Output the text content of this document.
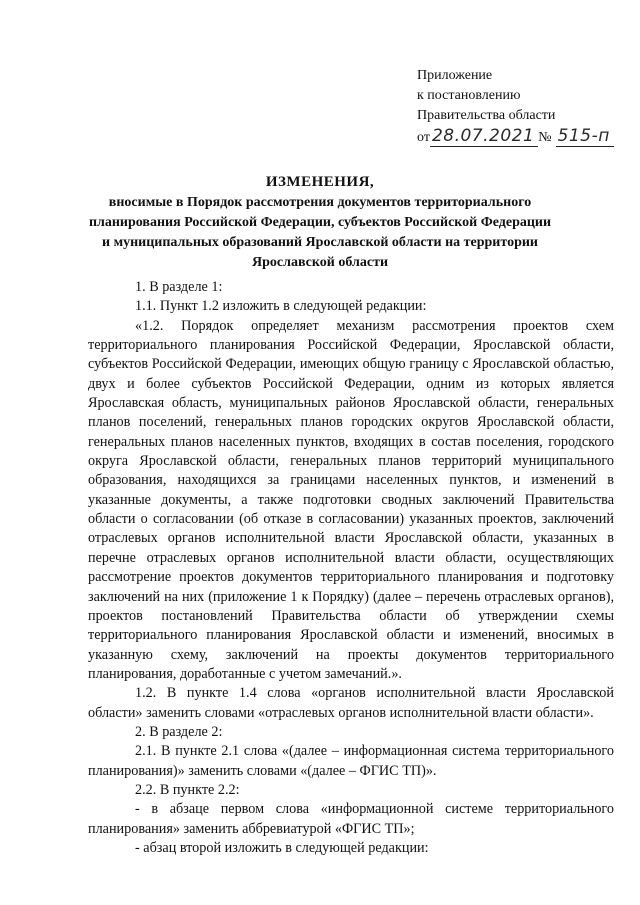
Приложение
к постановлению
Правительства области
от 28.07.2021 № 515-п
ИЗМЕНЕНИЯ,
вносимые в Порядок рассмотрения документов территориального планирования Российской Федерации, субъектов Российской Федерации и муниципальных образований Ярославской области на территории Ярославской области

1. В разделе 1:

1.1. Пункт 1.2 изложить в следующей редакции:

«1.2. Порядок определяет механизм рассмотрения проектов схем территориального планирования Российской Федерации, Ярославской области, субъектов Российской Федерации, имеющих общую границу с Ярославской областью, двух и более субъектов Российской Федерации, одним из которых является Ярославская область, муниципальных районов Ярославской области, генеральных планов поселений, генеральных планов городских округов Ярославской области, генеральных планов населенных пунктов, входящих в состав поселения, городского округа Ярославской области, генеральных планов территорий муниципального образования, находящихся за границами населенных пунктов, и изменений в указанные документы, а также подготовки сводных заключений Правительства области о согласовании (об отказе в согласовании) указанных проектов, заключений отраслевых органов исполнительной власти Ярославской области, указанных в перечне отраслевых органов исполнительной власти области, осуществляющих рассмотрение проектов документов территориального планирования и подготовку заключений на них (приложение 1 к Порядку) (далее – перечень отраслевых органов), проектов постановлений Правительства области об утверждении схемы территориального планирования Ярославской области и изменений, вносимых в указанную схему, заключений на проекты документов территориального планирования, доработанные с учетом замечаний.».

1.2. В пункте 1.4 слова «органов исполнительной власти Ярославской области» заменить словами «отраслевых органов исполнительной власти области».

2. В разделе 2:

2.1. В пункте 2.1 слова «(далее – информационная система территориального планирования)» заменить словами «(далее – ФГИС ТП)».

2.2. В пункте 2.2:

- в абзаце первом слова «информационной системе территориального планирования» заменить аббревиатурой «ФГИС ТП»;

- абзац второй изложить в следующей редакции:
